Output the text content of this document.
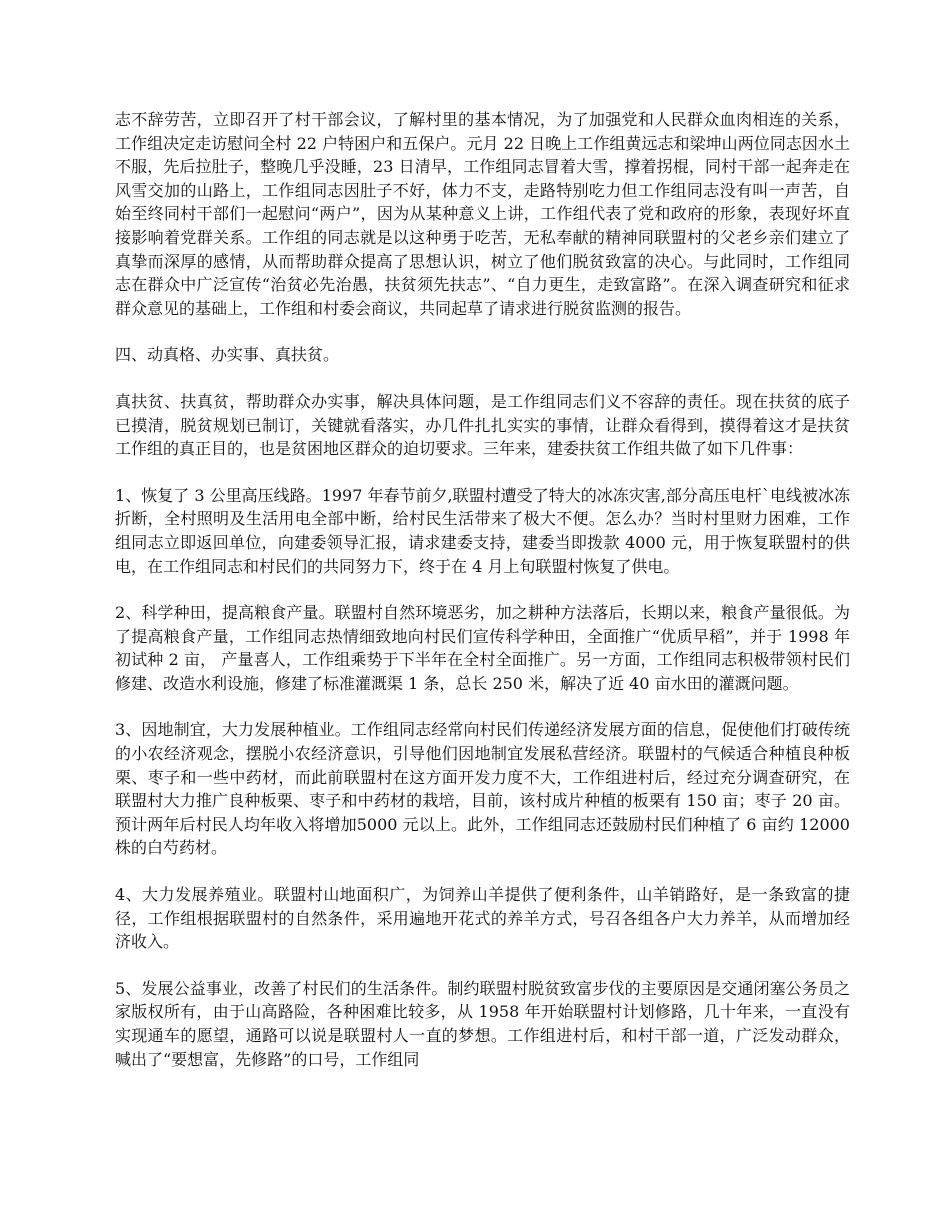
志不辞劳苦，立即召开了村干部会议，了解村里的基本情况，为了加强党和人民群众血肉相连的关系，工作组决定走访慰问全村 22 户特困户和五保户。元月 22 日晚上工作组黄远志和梁坤山两位同志因水土不服，先后拉肚子，整晚几乎没睡，23 日清早，工作组同志冒着大雪，撑着拐棍，同村干部一起奔走在风雪交加的山路上，工作组同志因肚子不好，体力不支，走路特别吃力但工作组同志没有叫一声苦，自始至终同村干部们一起慰问“两户”，因为从某种意义上讲，工作组代表了党和政府的形象，表现好坏直接影响着党群关系。工作组的同志就是以这种勇于吃苦，无私奉献的精神同联盟村的父老乡亲们建立了真挚而深厚的感情，从而帮助群众提高了思想认识，树立了他们脱贫致富的决心。与此同时，工作组同志在群众中广泛宣传“治贫必先治愚，扶贫须先扶志”、“自力更生，走致富路”。在深入调查研究和征求群众意见的基础上，工作组和村委会商议，共同起草了请求进行脱贫监测的报告。

四、动真格、办实事、真扶贫。

真扶贫、扶真贫，帮助群众办实事，解决具体问题，是工作组同志们义不容辞的责任。现在扶贫的底子已摸清，脱贫规划已制订，关键就看落实，办几件扎扎实实的事情，让群众看得到，摸得着这才是扶贫工作组的真正目的，也是贫困地区群众的迫切要求。三年来，建委扶贫工作组共做了如下几件事：

1、恢复了 3 公里高压线路。1997 年春节前夕,联盟村遭受了特大的冰冻灾害,部分高压电杆`电线被冰冻折断，全村照明及生活用电全部中断，给村民生活带来了极大不便。怎么办？当时村里财力困难，工作组同志立即返回单位，向建委领导汇报，请求建委支持，建委当即拨款 4000 元，用于恢复联盟村的供电，在工作组同志和村民们的共同努力下，终于在 4 月上旬联盟村恢复了供电。

2、科学种田，提高粮食产量。联盟村自然环境恶劣，加之耕种方法落后，长期以来，粮食产量很低。为了提高粮食产量，工作组同志热情细致地向村民们宣传科学种田，全面推广“优质早稻”，并于 1998 年初试种 2 亩， 产量喜人，工作组乘势于下半年在全村全面推广。另一方面，工作组同志积极带领村民们修建、改造水利设施，修建了标准灌溉渠 1 条，总长 250 米，解决了近 40 亩水田的灌溉问题。

3、因地制宜，大力发展种植业。工作组同志经常向村民们传递经济发展方面的信息，促使他们打破传统的小农经济观念，摆脱小农经济意识，引导他们因地制宜发展私营经济。联盟村的气候适合种植良种板栗、枣子和一些中药材，而此前联盟村在这方面开发力度不大，工作组进村后，经过充分调查研究，在联盟村大力推广良种板栗、枣子和中药材的栽培，目前，该村成片种植的板栗有 150 亩；枣子 20 亩。预计两年后村民人均年收入将增加5000 元以上。此外，工作组同志还鼓励村民们种植了 6 亩约 12000 株的白芍药材。

4、大力发展养殖业。联盟村山地面积广，为饲养山羊提供了便利条件，山羊销路好，是一条致富的捷径，工作组根据联盟村的自然条件，采用遍地开花式的养羊方式，号召各组各户大力养羊，从而增加经济收入。

5、发展公益事业，改善了村民们的生活条件。制约联盟村脱贫致富步伐的主要原因是交通闭塞公务员之家版权所有，由于山高路险，各种困难比较多，从 1958 年开始联盟村计划修路，几十年来，一直没有实现通车的愿望，通路可以说是联盟村人一直的梦想。工作组进村后，和村干部一道，广泛发动群众，喊出了“要想富，先修路”的口号，工作组同
